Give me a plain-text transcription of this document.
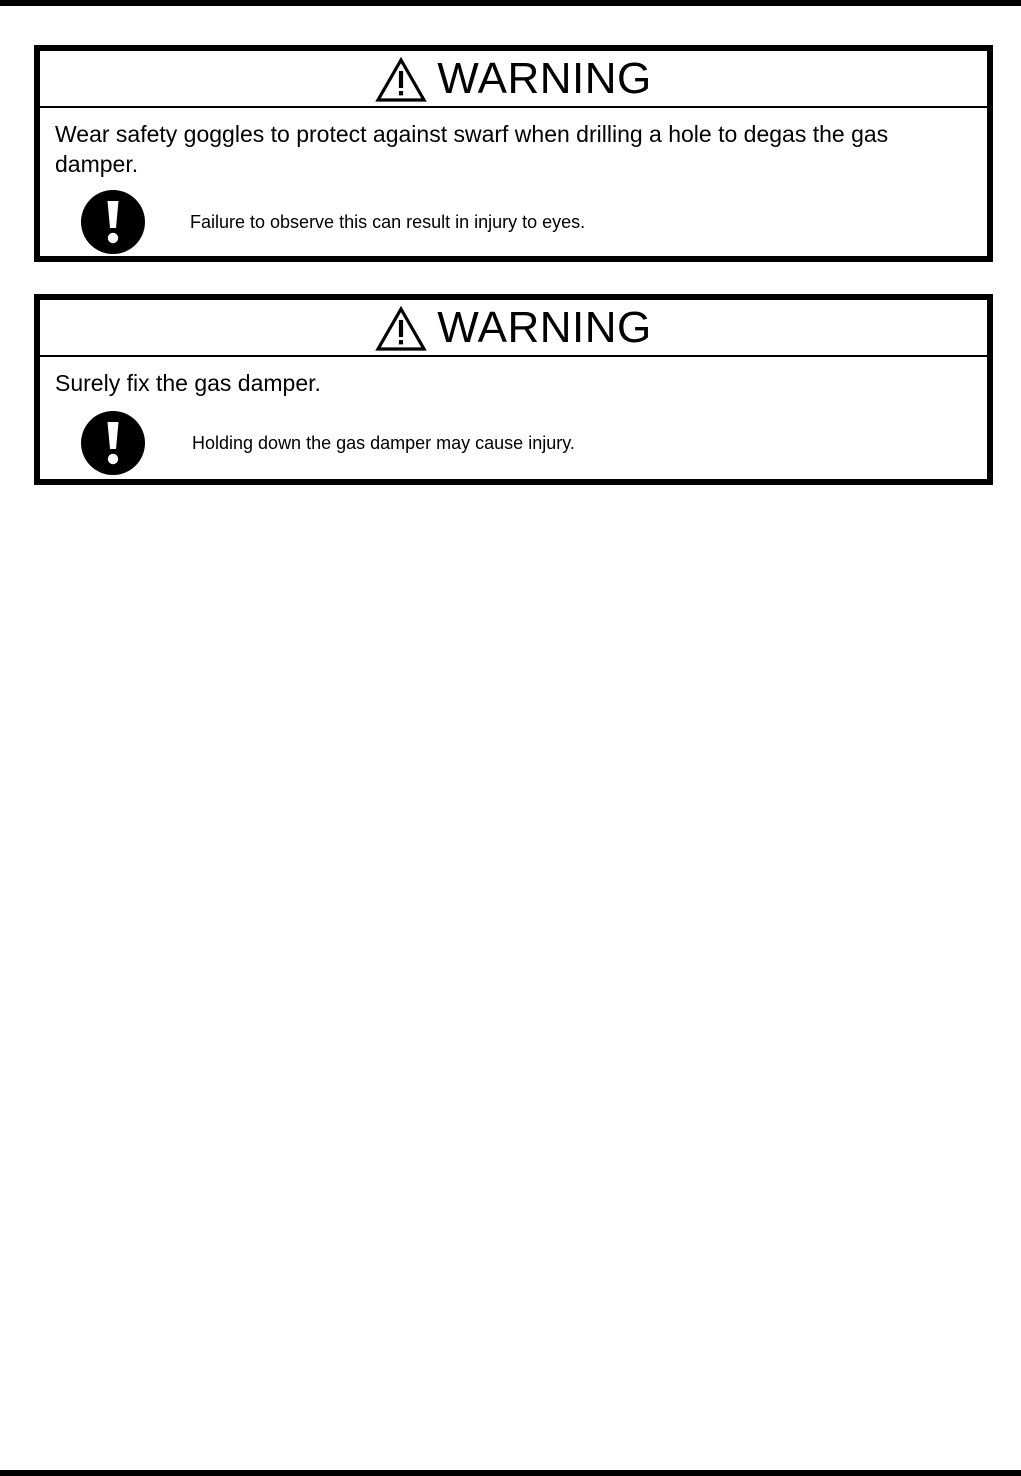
WARNING
Wear safety goggles to protect against swarf when drilling a hole to degas the gas damper.
Failure to observe this can result in injury to eyes.
WARNING
Surely fix the gas damper.
Holding down the gas damper may cause injury.
